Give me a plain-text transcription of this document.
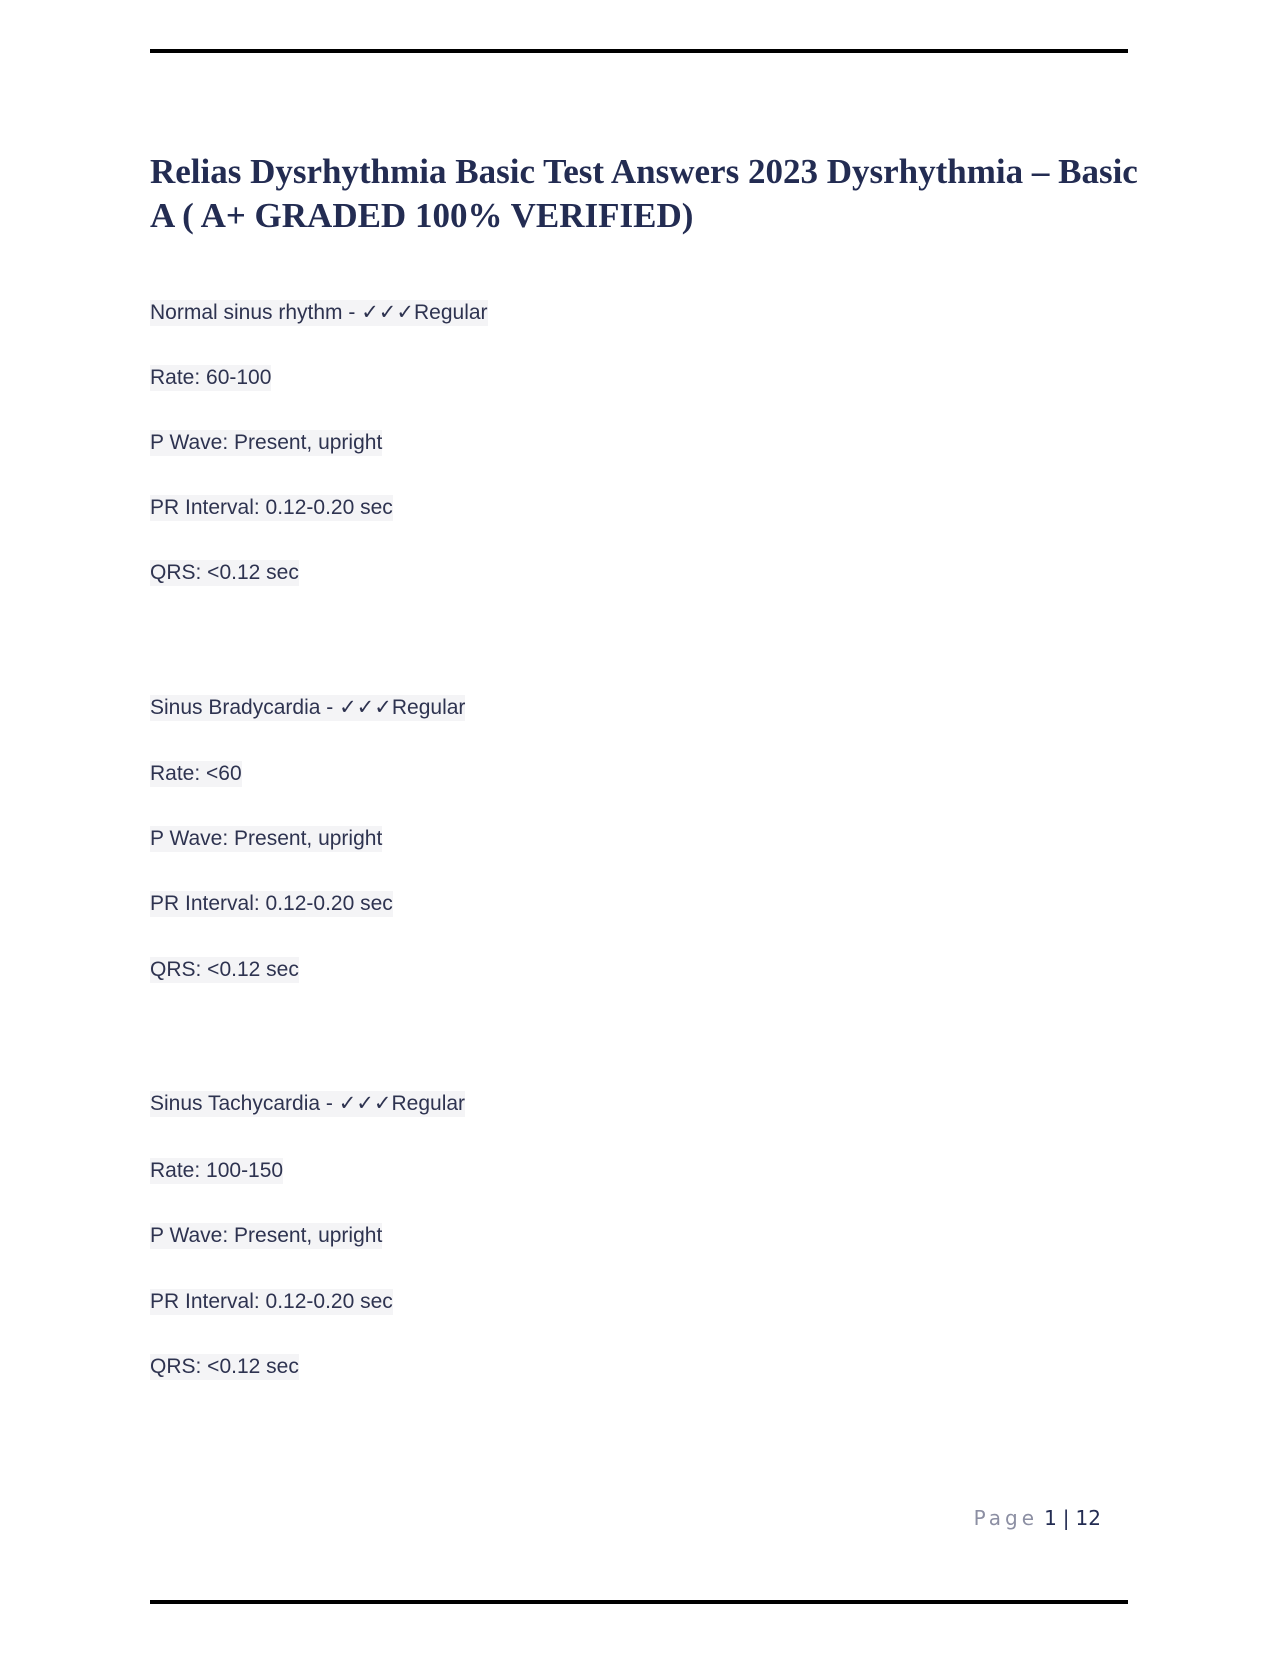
Relias Dysrhythmia Basic Test Answers 2023 Dysrhythmia – Basic A ( A+ GRADED 100% VERIFIED)
Normal sinus rhythm - ✓✓✓Regular
Rate: 60-100
P Wave: Present, upright
PR Interval: 0.12-0.20 sec
QRS: <0.12 sec
Sinus Bradycardia - ✓✓✓Regular
Rate: <60
P Wave: Present, upright
PR Interval: 0.12-0.20 sec
QRS: <0.12 sec
Sinus Tachycardia - ✓✓✓Regular
Rate: 100-150
P Wave: Present, upright
PR Interval: 0.12-0.20 sec
QRS: <0.12 sec
Page 1 | 12
